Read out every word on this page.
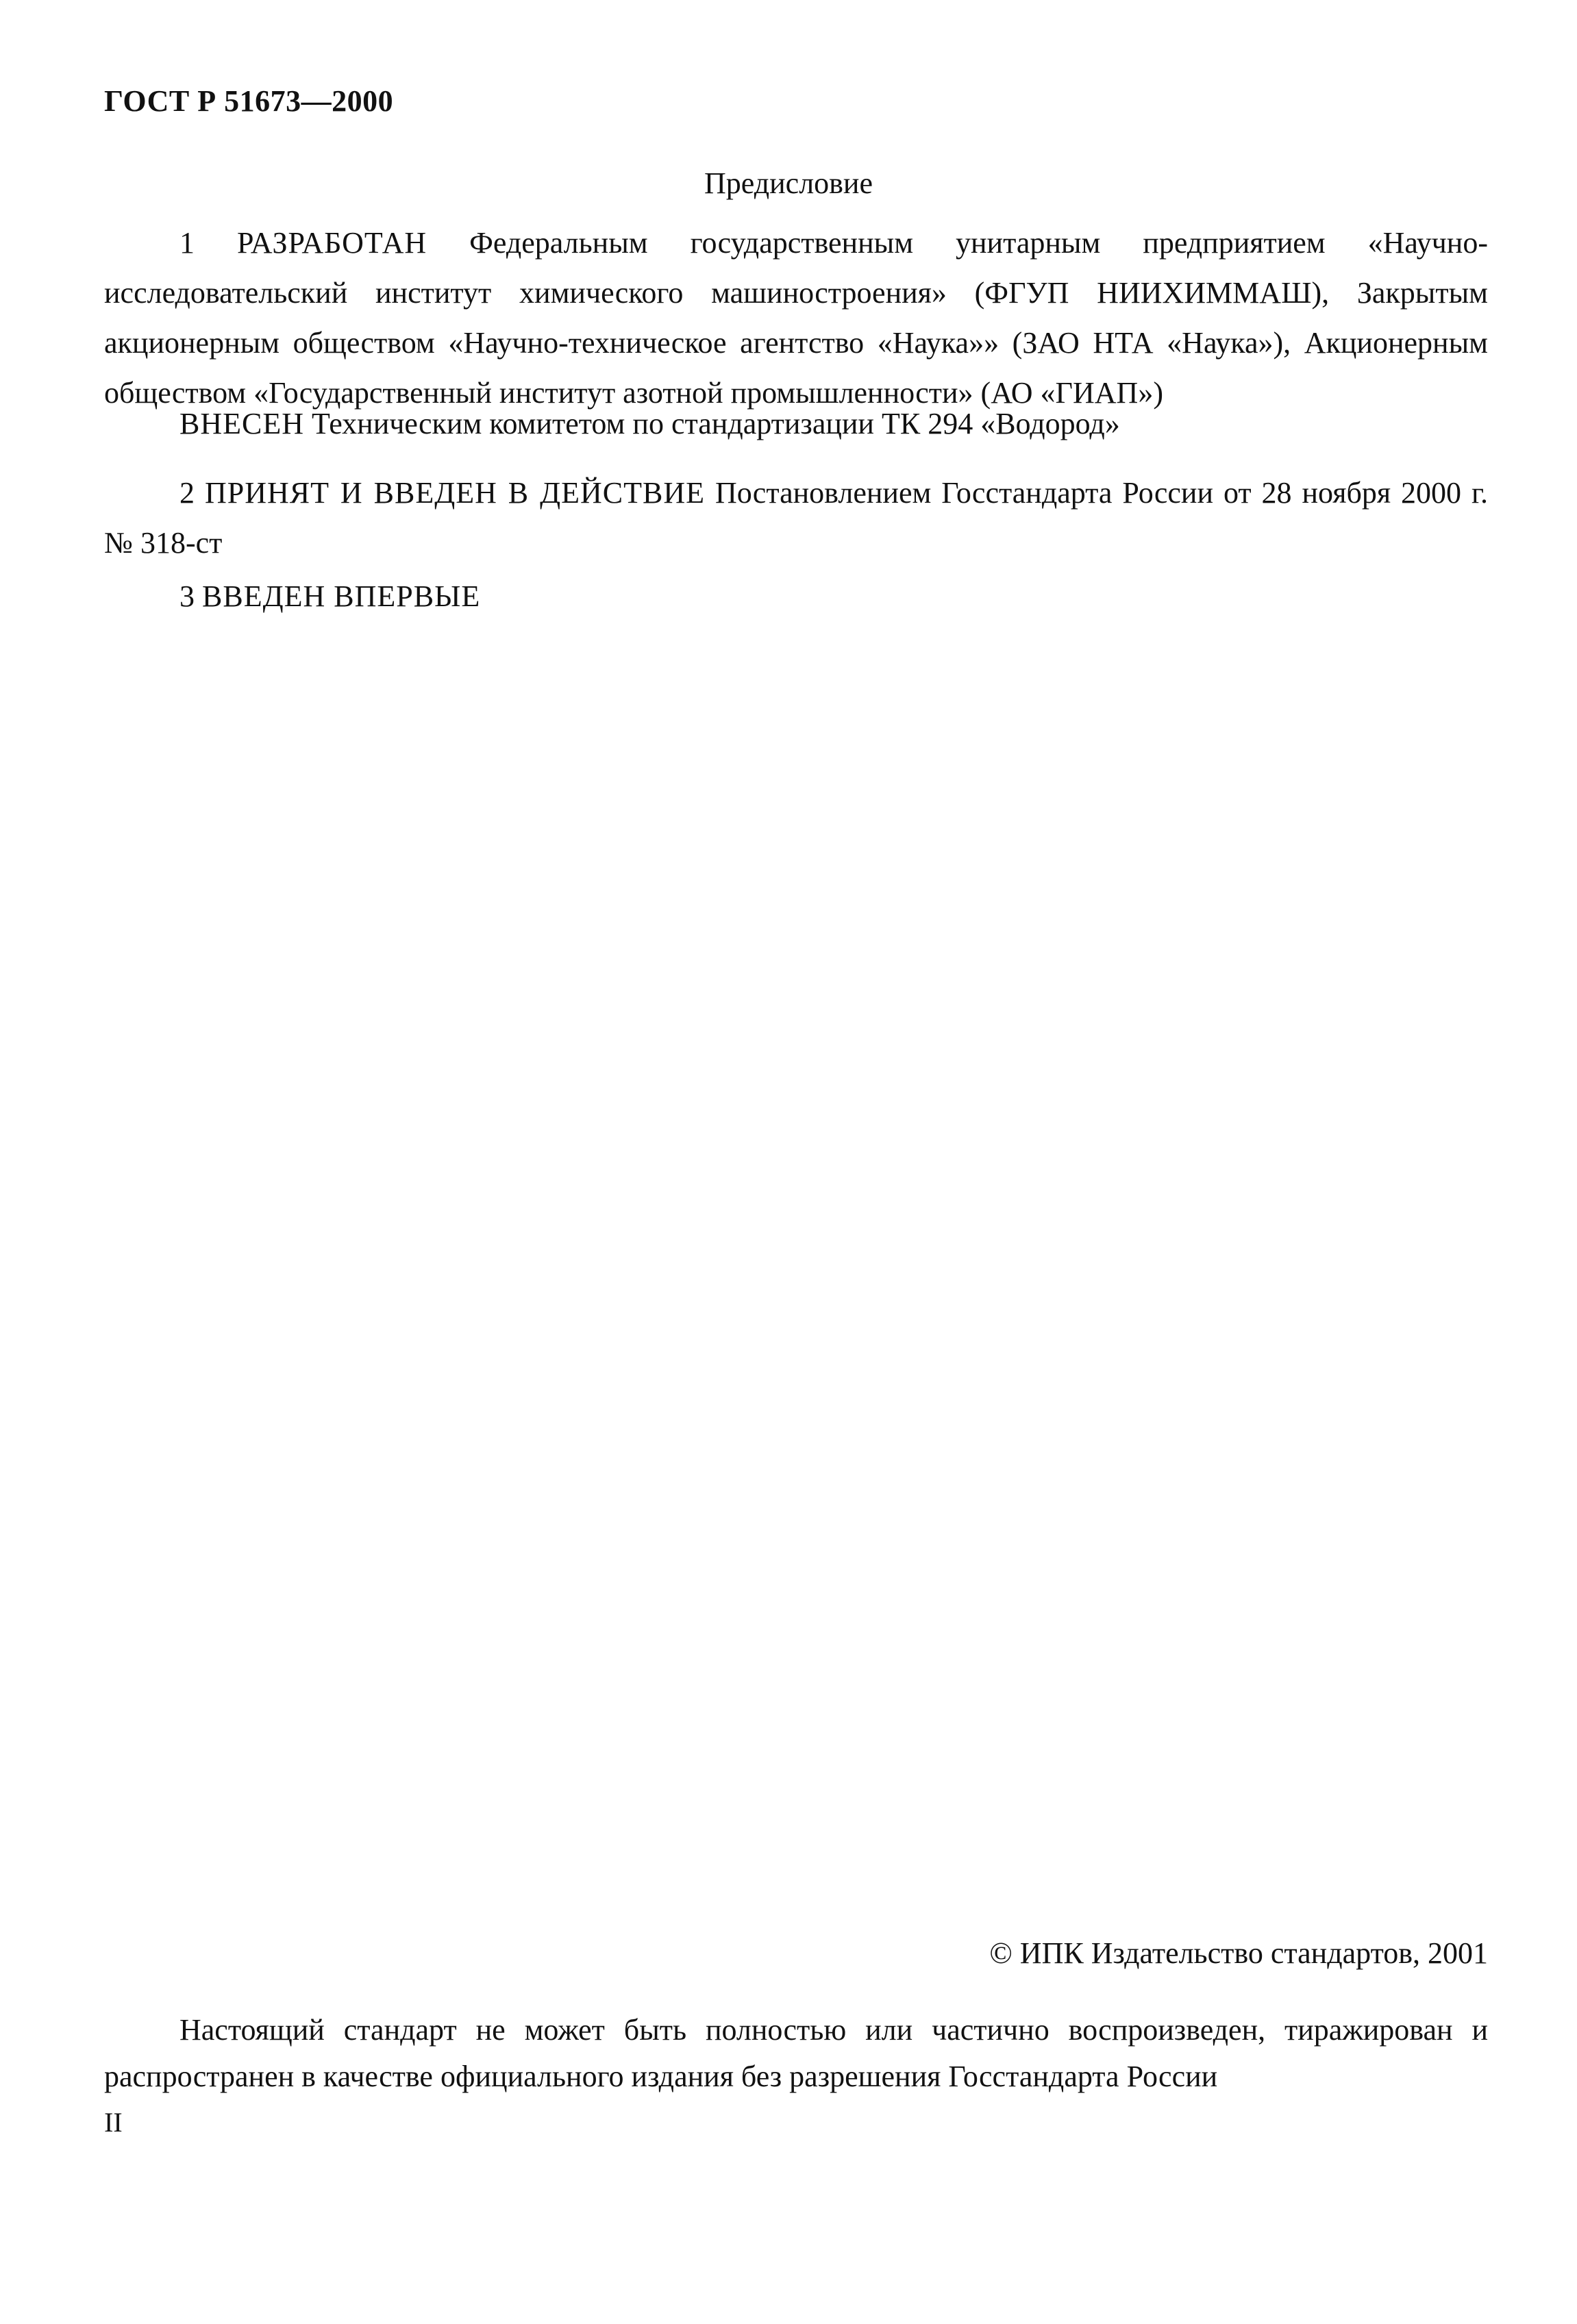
ГОСТ Р 51673—2000
Предисловие

1 РАЗРАБОТАН Федеральным государственным унитарным предприятием «Научно-исследовательский институт химического машиностроения» (ФГУП НИИХИММАШ), Закрытым акционерным обществом «Научно-техническое агентство «Наука»» (ЗАО НТА «Наука»), Акционерным обществом «Государственный институт азотной промышленности» (АО «ГИАП»)

ВНЕСЕН Техническим комитетом по стандартизации ТК 294 «Водород»

2 ПРИНЯТ И ВВЕДЕН В ДЕЙСТВИЕ Постановлением Госстандарта России от 28 ноября 2000 г. № 318-ст

3 ВВЕДЕН ВПЕРВЫЕ

© ИПК Издательство стандартов, 2001

Настоящий стандарт не может быть полностью или частично воспроизведен, тиражирован и распространен в качестве официального издания без разрешения Госстандарта России

II
